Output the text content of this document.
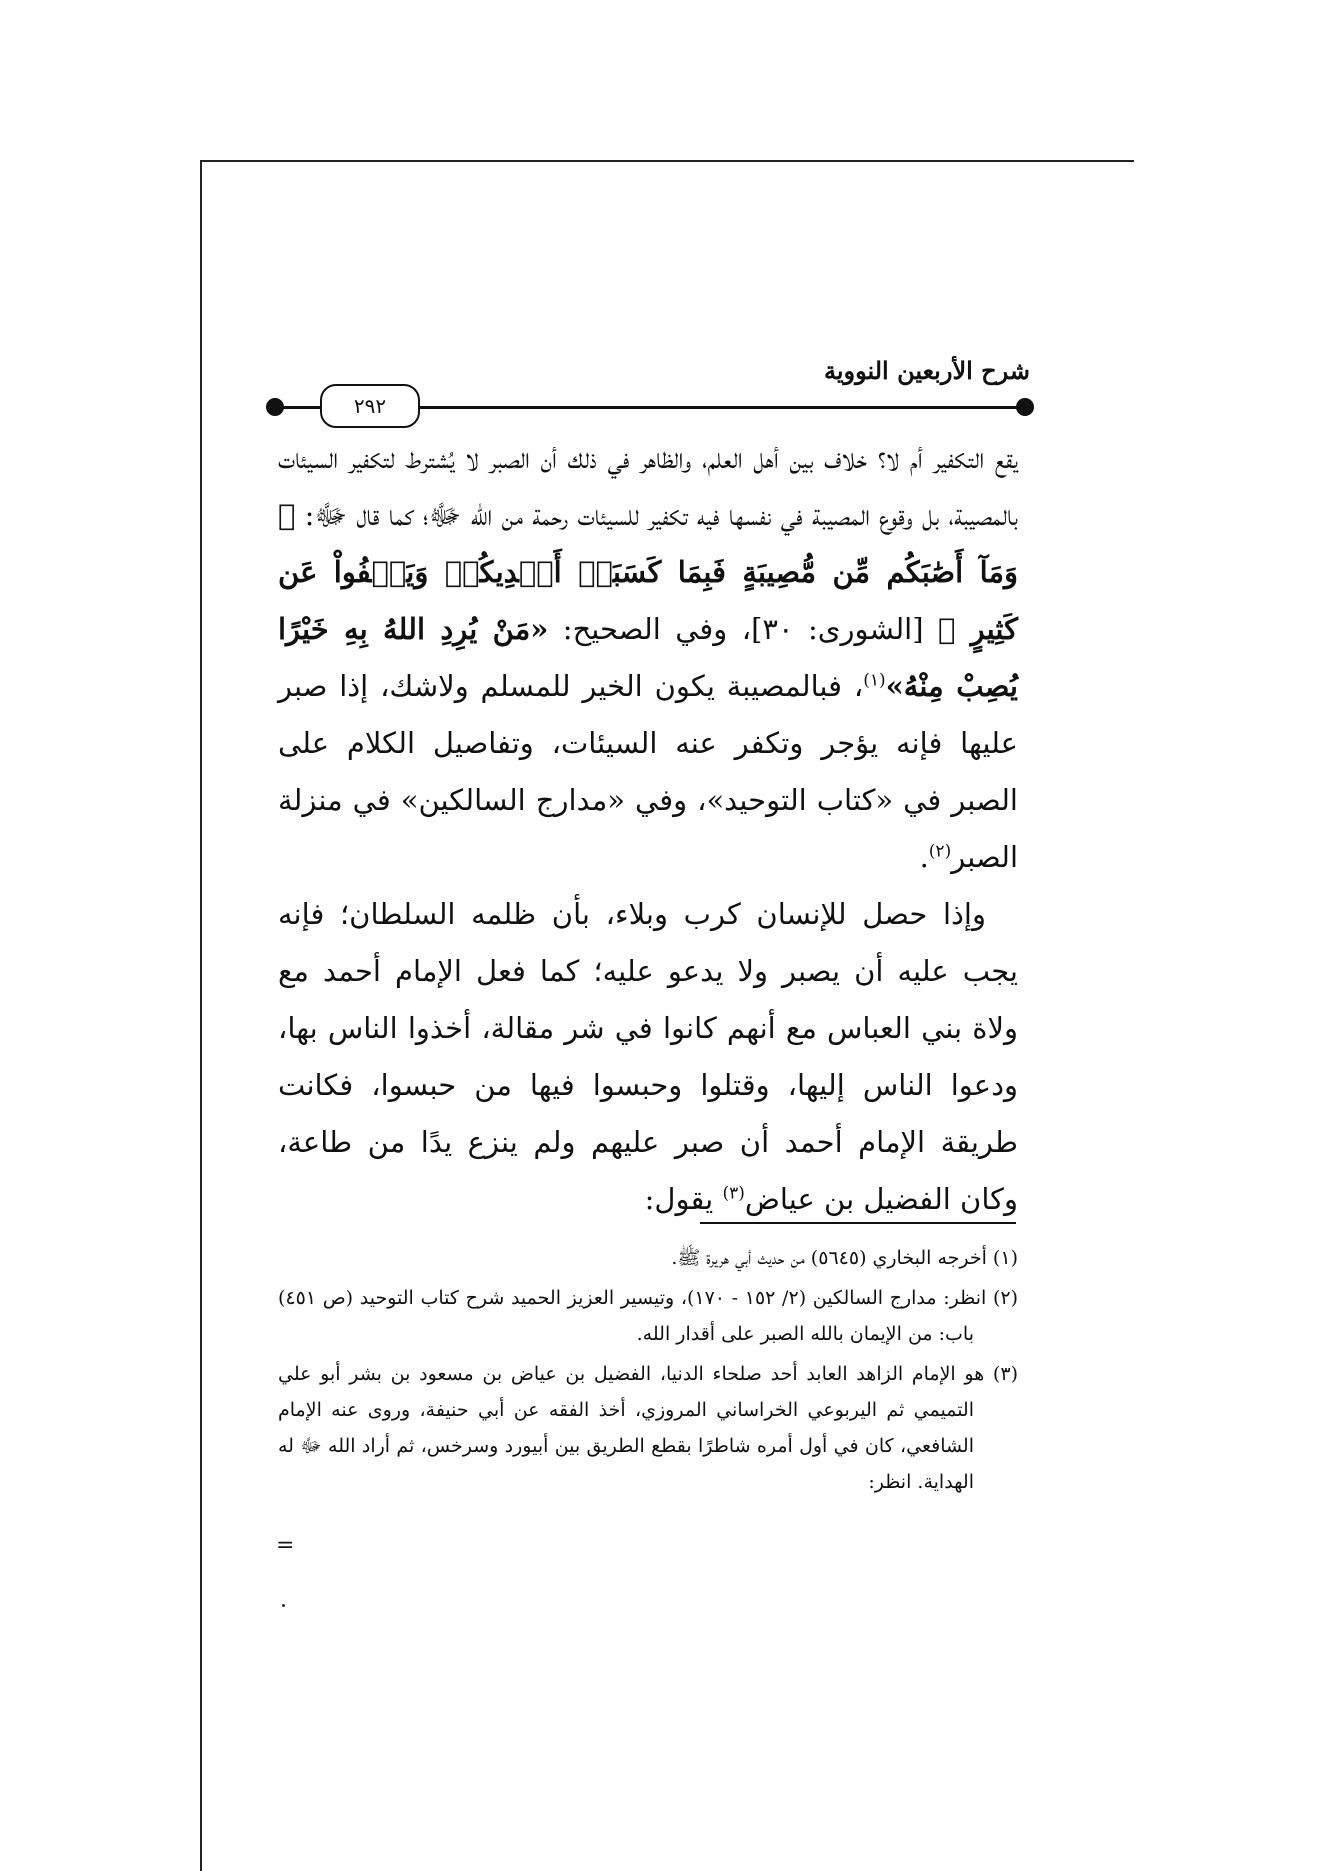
شرح الأربعين النووية
٢٩٢

يقع التكفير أم لا؟ خلاف بين أهل العلم، والظاهر في ذلك أن الصبر لا يُشترط لتكفير السيئات بالمصيبة، بل وقوع المصيبة في نفسها فيه تكفير للسيئات رحمة من الله ﷻ؛ كما قال ﷻ: ﴿ وَمَآ أَصَٰبَكُم مِّن مُّصِيبَةٍ فَبِمَا كَسَبَتۡ أَيۡدِيكُمۡ وَيَعۡفُواْ عَن كَثِيرٍ ﴾ [الشورى: ٣٠]، وفي الصحيح: «مَنْ يُرِدِ اللهُ بِهِ خَيْرًا يُصِبْ مِنْهُ»$^{(١)}$، فبالمصيبة يكون الخير للمسلم ولاشك، إذا صبر عليها فإنه يؤجر وتكفر عنه السيئات، وتفاصيل الكلام على الصبر في «كتاب التوحيد»، وفي «مدارج السالكين» في منزلة الصبر$^{(٢)}$.

وإذا حصل للإنسان كرب وبلاء، بأن ظلمه السلطان؛ فإنه يجب عليه أن يصبر ولا يدعو عليه؛ كما فعل الإمام أحمد مع ولاة بني العباس مع أنهم كانوا في شر مقالة، أخذوا الناس بها، ودعوا الناس إليها، وقتلوا وحبسوا فيها من حبسوا، فكانت طريقة الإمام أحمد أن صبر عليهم ولم ينزع يدًا من طاعة، وكان الفضيل بن عياض$^{(٣)}$ يقول:

(١) أخرجه البخاري (٥٦٤٥) من حديث أبي هريرة ﷺ.

(٢) انظر: مدارج السالكين (٢/ ١٥٢ - ١٧٠)، وتيسير العزيز الحميد شرح كتاب التوحيد (ص ٤٥١) باب: من الإيمان بالله الصبر على أقدار الله.

(٣) هو الإمام الزاهد العابد أحد صلحاء الدنيا، الفضيل بن عياض بن مسعود بن بشر أبو علي التميمي ثم اليربوعي الخراساني المروزي، أخذ الفقه عن أبي حنيفة، وروى عنه الإمام الشافعي، كان في أول أمره شاطرًا بقطع الطريق بين أبيورد وسرخس، ثم أراد الله ﷻ له الهداية. انظر:

=
